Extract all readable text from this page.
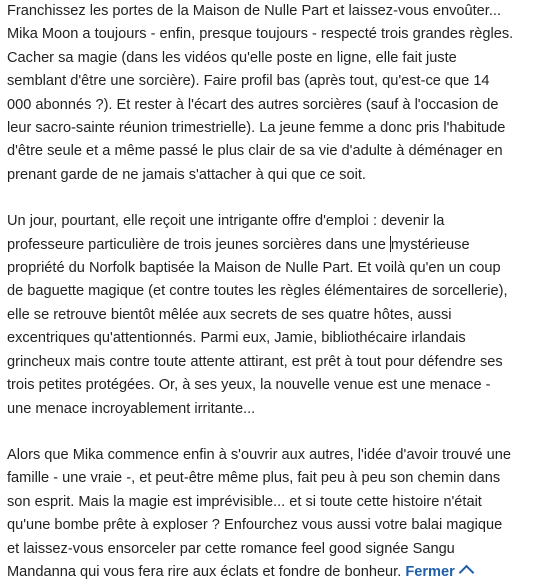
Franchissez les portes de la Maison de Nulle Part et laissez-vous envoûter...
Mika Moon a toujours - enfin, presque toujours - respecté trois grandes règles.
Cacher sa magie (dans les vidéos qu'elle poste en ligne, elle fait juste
semblant d'être une sorcière). Faire profil bas (après tout, qu'est-ce que 14
000 abonnés ?). Et rester à l'écart des autres sorcières (sauf à l'occasion de
leur sacro-sainte réunion trimestrielle). La jeune femme a donc pris l'habitude
d'être seule et a même passé le plus clair de sa vie d'adulte à déménager en
prenant garde de ne jamais s'attacher à qui que ce soit.

Un jour, pourtant, elle reçoit une intrigante offre d'emploi : devenir la
professeure particulière de trois jeunes sorcières dans une mystérieuse
propriété du Norfolk baptisée la Maison de Nulle Part. Et voilà qu'en un coup
de baguette magique (et contre toutes les règles élémentaires de sorcellerie),
elle se retrouve bientôt mêlée aux secrets de ses quatre hôtes, aussi
excentriques qu'attentionnés. Parmi eux, Jamie, bibliothécaire irlandais
grincheux mais contre toute attente attirant, est prêt à tout pour défendre ses
trois petites protégées. Or, à ses yeux, la nouvelle venue est une menace -
une menace incroyablement irritante...

Alors que Mika commence enfin à s'ouvrir aux autres, l'idée d'avoir trouvé une
famille - une vraie -, et peut-être même plus, fait peu à peu son chemin dans
son esprit. Mais la magie est imprévisible... et si toute cette histoire n'était
qu'une bombe prête à exploser ? Enfourchez vous aussi votre balai magique
et laissez-vous ensorceler par cette romance feel good signée Sangu
Mandanna qui vous fera rire aux éclats et fondre de bonheur. Fermer
